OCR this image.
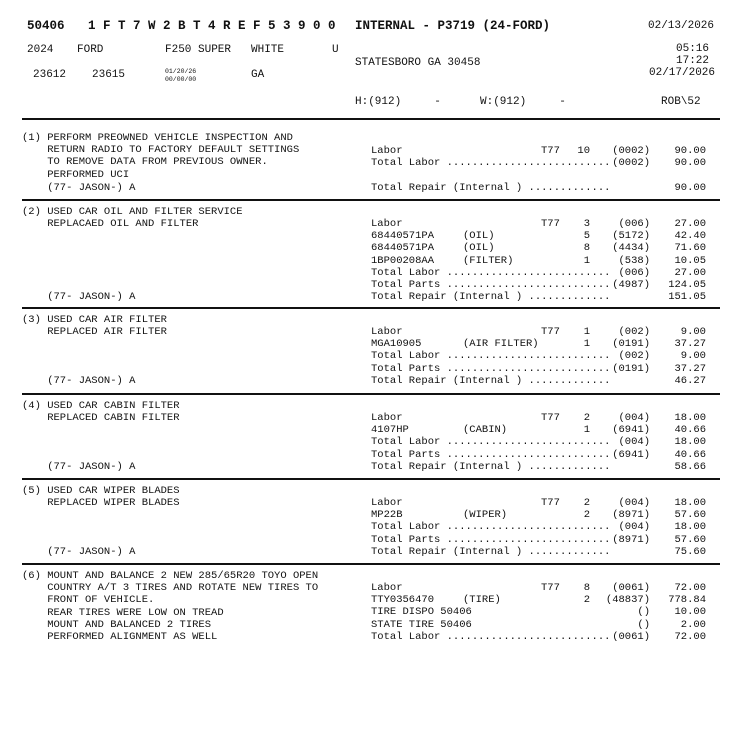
50406 1 F T 7 W 2 B T 4 R E F 5 3 9 0 0 INTERNAL - P3719 (24-FORD)	02/13/2026
2024 FORD	F250 SUPER WHITE	U	05:16
17:22
02/17/2026
STATESBORO GA 30458
23612 23615	01/20/26
00/00/00	GA
H:(912)     -	W:(912)     -	ROB\52
(1) PERFORM PREOWNED VEHICLE INSPECTION AND
RETURN RADIO TO FACTORY DEFAULT SETTINGS
TO REMOVE DATA FROM PREVIOUS OWNER.
PERFORMED UCI
Labor	T77	10	(0002)	90.00
Total Labor .......................... (0002)	90.00
Total Repair (Internal ) .............	90.00
(77- JASON-) A
(2) USED CAR OIL AND FILTER SERVICE
REPLACAED OIL AND FILTER	Labor	T77	3	(006)	27.00
68440571PA	(OIL)	5	(5172)	42.40
68440571PA	(OIL)	8	(4434)	71.60
1BP00208AA	(FILTER)	1	(538)	10.05
Total Labor .......................... (006)	27.00
Total Parts .......................... (4987)	124.05
Total Repair (Internal ) .............	151.05
(77- JASON-) A
(3) USED CAR AIR FILTER
REPLACED AIR FILTER	Labor	T77	1	(002)	9.00
MGA10905	(AIR FILTER)	1	(0191)	37.27
Total Labor .......................... (002)	9.00
Total Parts .......................... (0191)	37.27
Total Repair (Internal ) .............	46.27
(77- JASON-) A
(4) USED CAR CABIN FILTER
REPLACED CABIN FILTER	Labor	T77	2	(004)	18.00
4107HP	(CABIN)	1	(6941)	40.66
Total Labor .......................... (004)	18.00
Total Parts .......................... (6941)	40.66
Total Repair (Internal ) .............	58.66
(77- JASON-) A
(5) USED CAR WIPER BLADES
REPLACED WIPER BLADES	Labor	T77	2	(004)	18.00
MP22B	(WIPER)	2	(8971)	57.60
Total Labor .......................... (004)	18.00
Total Parts .......................... (8971)	57.60
Total Repair (Internal ) .............	75.60
(77- JASON-) A
(6) MOUNT AND BALANCE 2 NEW 285/65R20 TOYO OPEN
COUNTRY A/T 3 TIRES AND ROTATE NEW TIRES TO
FRONT OF VEHICLE.
REAR TIRES WERE LOW ON TREAD
MOUNT AND BALANCED 2 TIRES
PERFORMED ALIGNMENT AS WELL
Labor	T77	8	(0061)	72.00
TTY0356470	(TIRE)	2	(48837)	778.84
TIRE DISPO 50406	()	10.00
STATE TIRE 50406	()	2.00
Total Labor .......................... (0061)	72.00
